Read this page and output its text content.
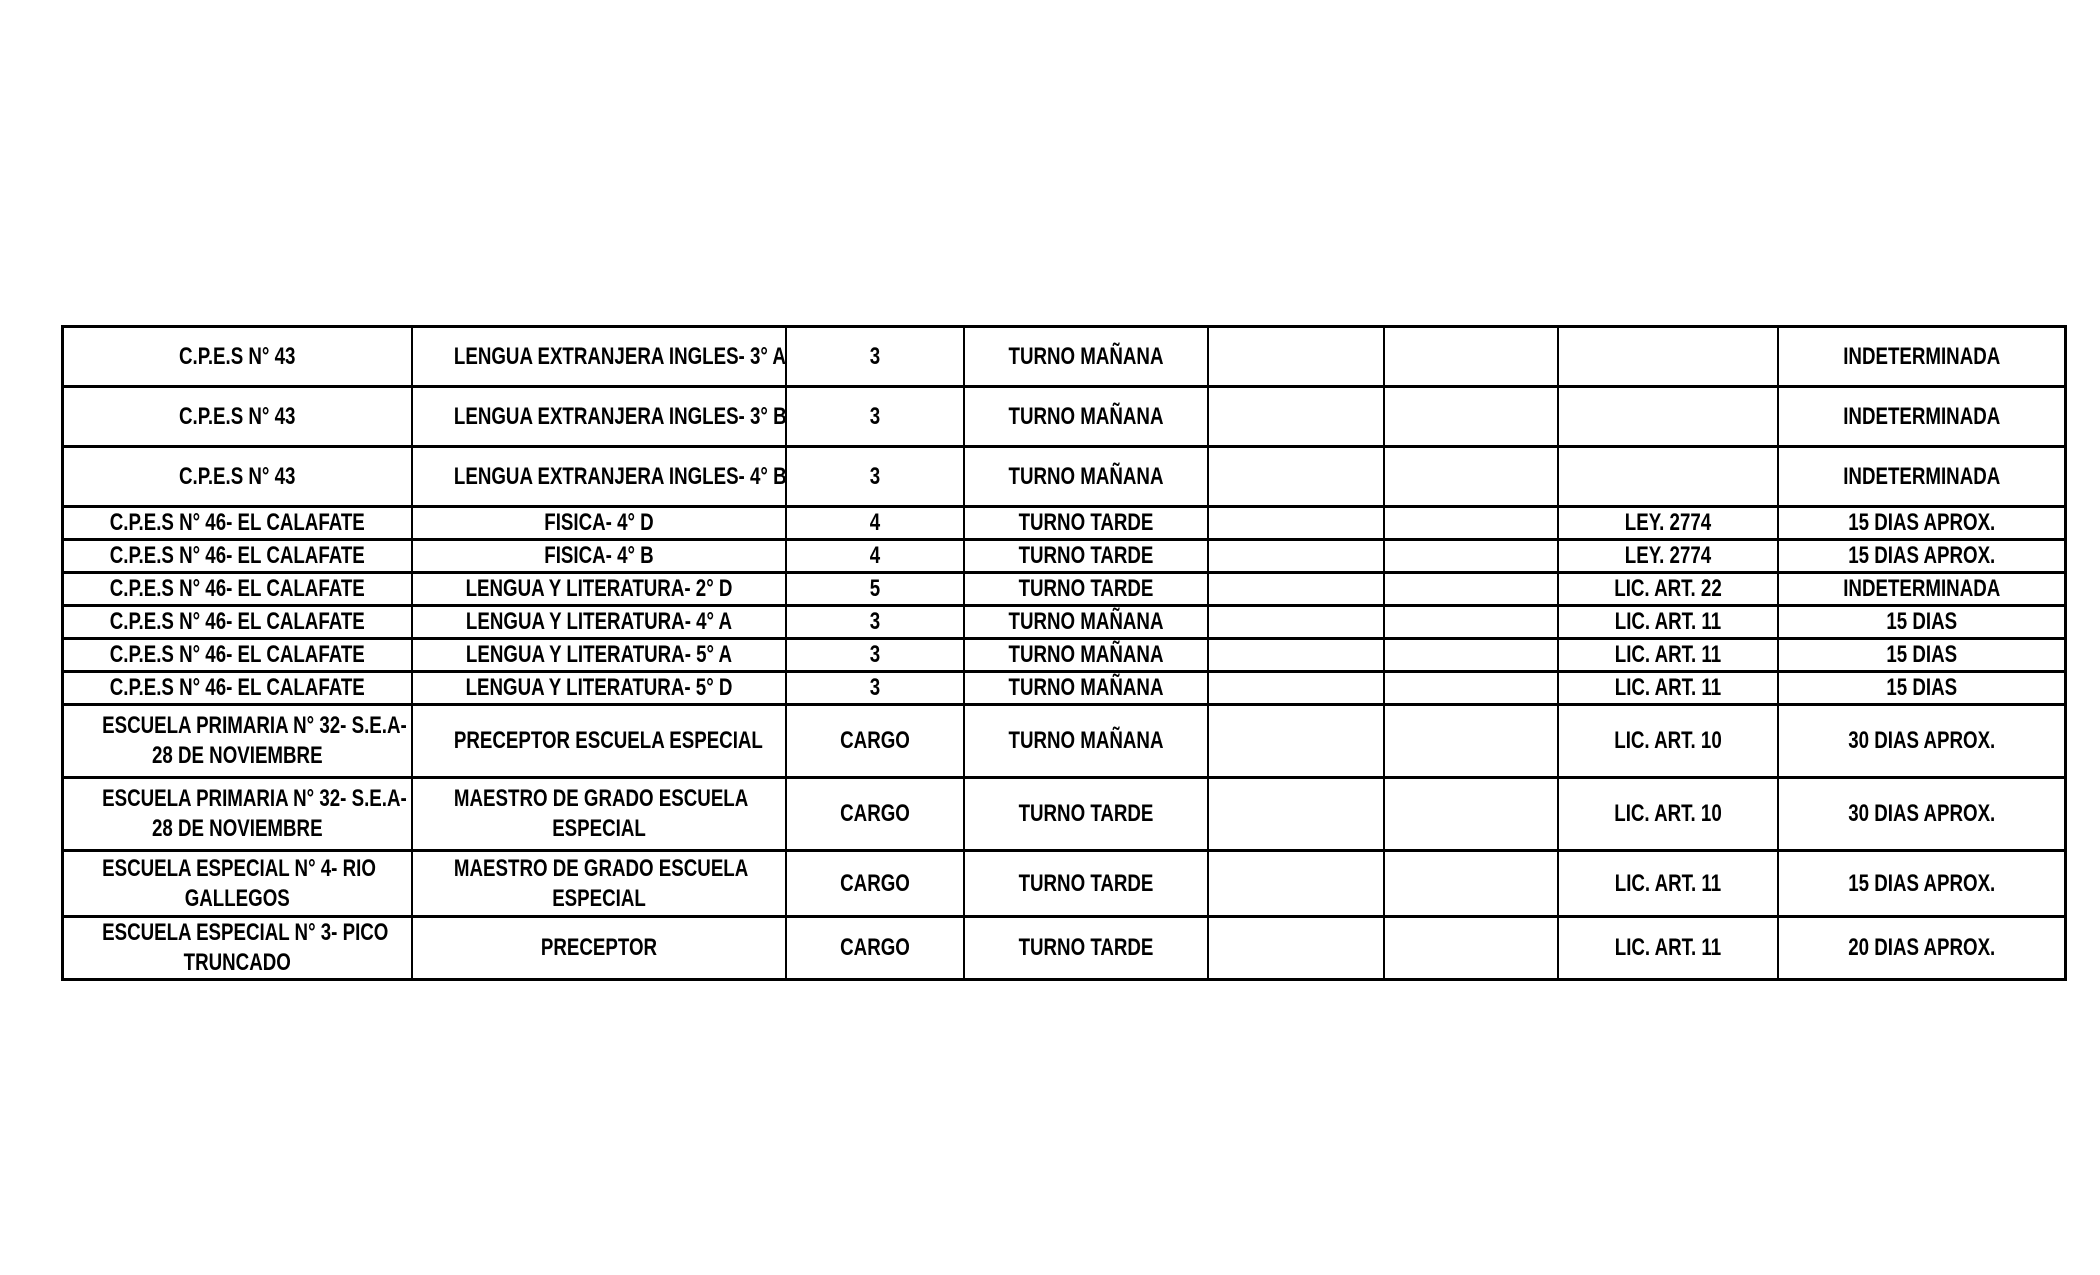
C.P.E.S N° 43	LENGUA EXTRANJERA INGLES- 3° A	3	TURNO MAÑANA				INDETERMINADA

C.P.E.S N° 43	LENGUA EXTRANJERA INGLES- 3° B	3	TURNO MAÑANA				INDETERMINADA

C.P.E.S N° 43	LENGUA EXTRANJERA INGLES- 4° B	3	TURNO MAÑANA				INDETERMINADA

C.P.E.S N° 46- EL CALAFATE	FISICA- 4° D	4	TURNO TARDE			LEY. 2774	15 DIAS APROX.

C.P.E.S N° 46- EL CALAFATE	FISICA- 4° B	4	TURNO TARDE			LEY. 2774	15 DIAS APROX.

C.P.E.S N° 46- EL CALAFATE	LENGUA Y LITERATURA- 2° D	5	TURNO TARDE			LIC. ART. 22	INDETERMINADA

C.P.E.S N° 46- EL CALAFATE	LENGUA Y LITERATURA- 4° A	3	TURNO MAÑANA			LIC. ART. 11	15 DIAS

C.P.E.S N° 46- EL CALAFATE	LENGUA Y LITERATURA- 5° A	3	TURNO MAÑANA			LIC. ART. 11	15 DIAS

C.P.E.S N° 46- EL CALAFATE	LENGUA Y LITERATURA- 5° D	3	TURNO MAÑANA			LIC. ART. 11	15 DIAS

ESCUELA PRIMARIA N° 32- S.E.A-
28 DE NOVIEMBRE	PRECEPTOR ESCUELA ESPECIAL	CARGO	TURNO MAÑANA			LIC. ART. 10	30 DIAS APROX.

ESCUELA PRIMARIA N° 32- S.E.A-
28 DE NOVIEMBRE	MAESTRO DE GRADO ESCUELA
ESPECIAL	CARGO	TURNO TARDE			LIC. ART. 10	30 DIAS APROX.

ESCUELA ESPECIAL N° 4- RIO
GALLEGOS	MAESTRO DE GRADO ESCUELA
ESPECIAL	CARGO	TURNO TARDE			LIC. ART. 11	15 DIAS APROX.

ESCUELA ESPECIAL N° 3- PICO
TRUNCADO	PRECEPTOR	CARGO	TURNO TARDE			LIC. ART. 11	20 DIAS APROX.
